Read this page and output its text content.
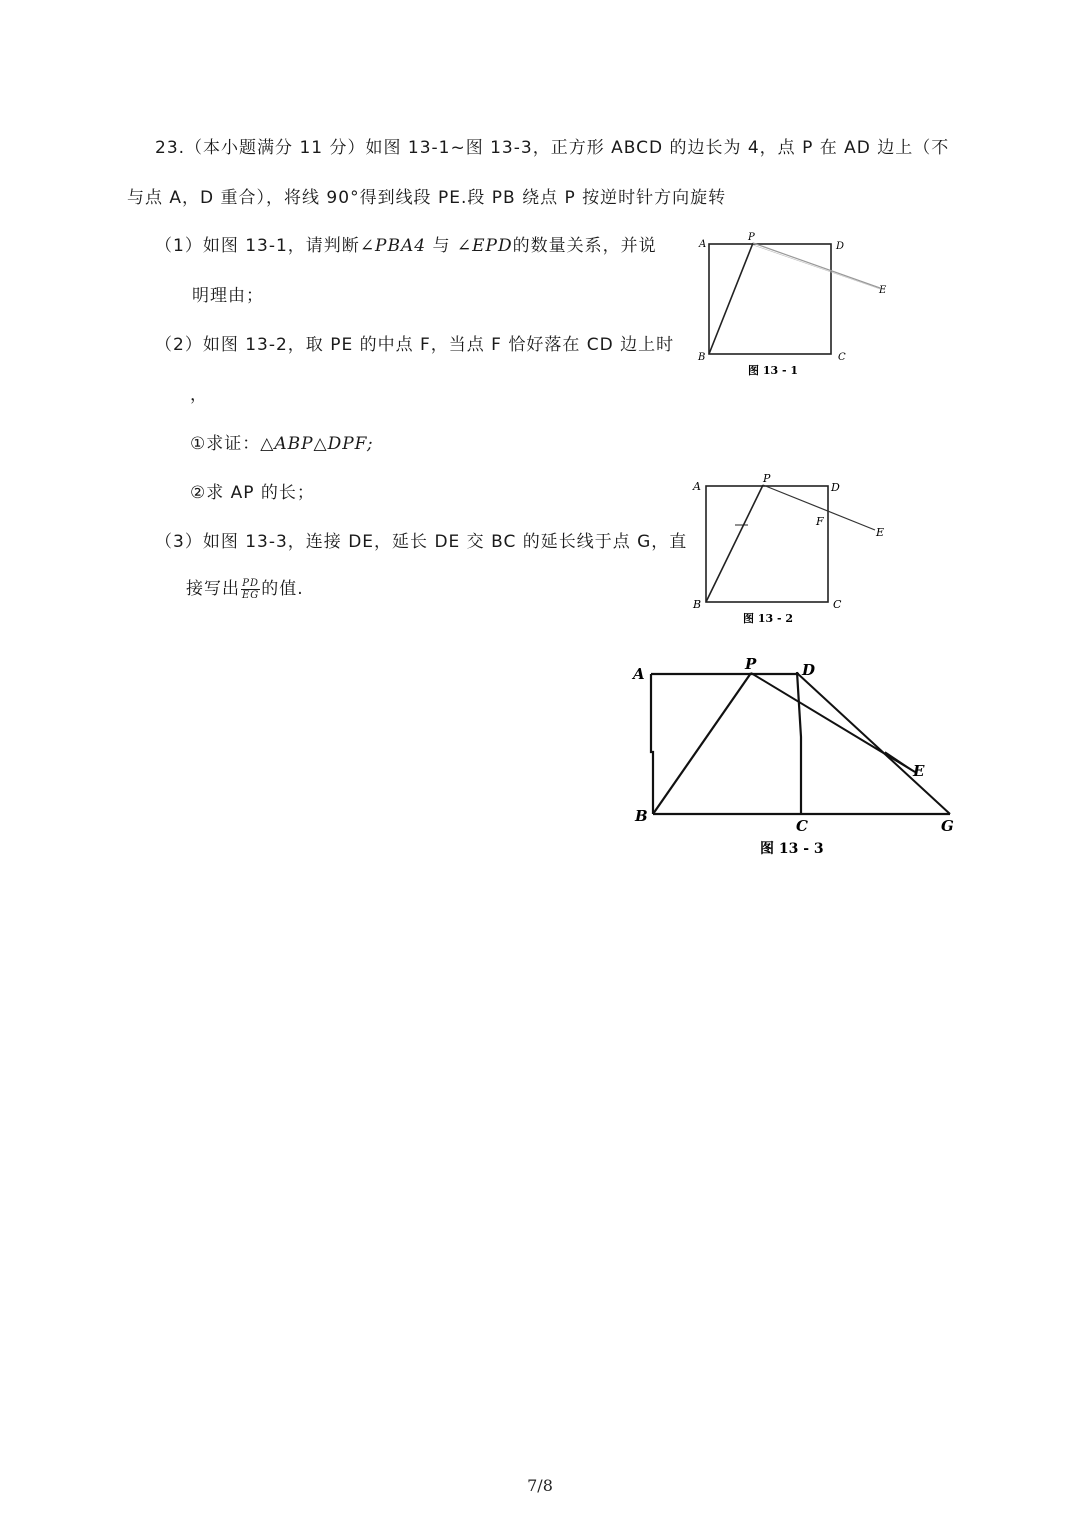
23.（本小题满分 11 分）如图 13-1~图 13-3，正方形 ABCD 的边长为 4，点 P 在 AD 边上（不
与点 A，D 重合），将线 90°得到线段 PE.段 PB 绕点 P 按逆时针方向旋转
（1）如图 13-1，请判断∠PBA4 与 ∠EPD的数量关系，并说
明理由；
（2）如图 13-2，取 PE 的中点 F，当点 F 恰好落在 CD 边上时
，
①求证：△ABP△DPF;
②求 AP 的长；
（3）如图 13-3，连接 DE，延长 DE 交 BC 的延长线于点 G，直
接写出 $\frac{PD}{EG}$ 的值.
A
P
D
E
B	C
图 13 - 1
A
P
D
F
E
B	C
图 13 - 2
A
P	D
E
B
C	G
图 13 - 3
7/8
